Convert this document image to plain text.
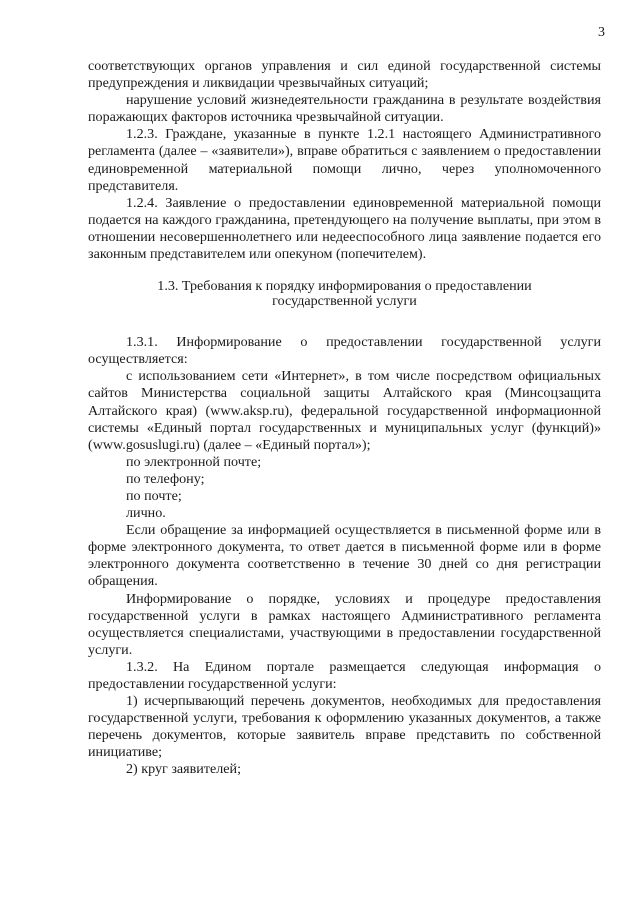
3

соответствующих органов управления и сил единой государственной системы предупреждения и ликвидации чрезвычайных ситуаций;

нарушение условий жизнедеятельности гражданина в результате воздействия поражающих факторов источника чрезвычайной ситуации.

1.2.3. Граждане, указанные в пункте 1.2.1 настоящего Административного регламента (далее – «заявители»), вправе обратиться с заявлением о предоставлении единовременной материальной помощи лично, через уполномоченного представителя.

1.2.4. Заявление о предоставлении единовременной материальной помощи подается на каждого гражданина, претендующего на получение выплаты, при этом в отношении несовершеннолетнего или недееспособного лица заявление подается его законным представителем или опекуном (попечителем).

1.3. Требования к порядку информирования о предоставлении
государственной услуги

1.3.1. Информирование о предоставлении государственной услуги осуществляется:

с использованием сети «Интернет», в том числе посредством официальных сайтов Министерства социальной защиты Алтайского края (Минсоцзащита Алтайского края) (www.aksp.ru), федеральной государственной информационной системы «Единый портал государственных и муниципальных услуг (функций)» (www.gosuslugi.ru) (далее – «Единый портал»);

по электронной почте;

по телефону;

по почте;

лично.

Если обращение за информацией осуществляется в письменной форме или в форме электронного документа, то ответ дается в письменной форме или в форме электронного документа соответственно в течение 30 дней со дня регистрации обращения.

Информирование о порядке, условиях и процедуре предоставления государственной услуги в рамках настоящего Административного регламента осуществляется специалистами, участвующими в предоставлении государственной услуги.

1.3.2. На Едином портале размещается следующая информация о предоставлении государственной услуги:

1) исчерпывающий перечень документов, необходимых для предоставления государственной услуги, требования к оформлению указанных документов, а также перечень документов, которые заявитель вправе представить по собственной инициативе;

2) круг заявителей;
